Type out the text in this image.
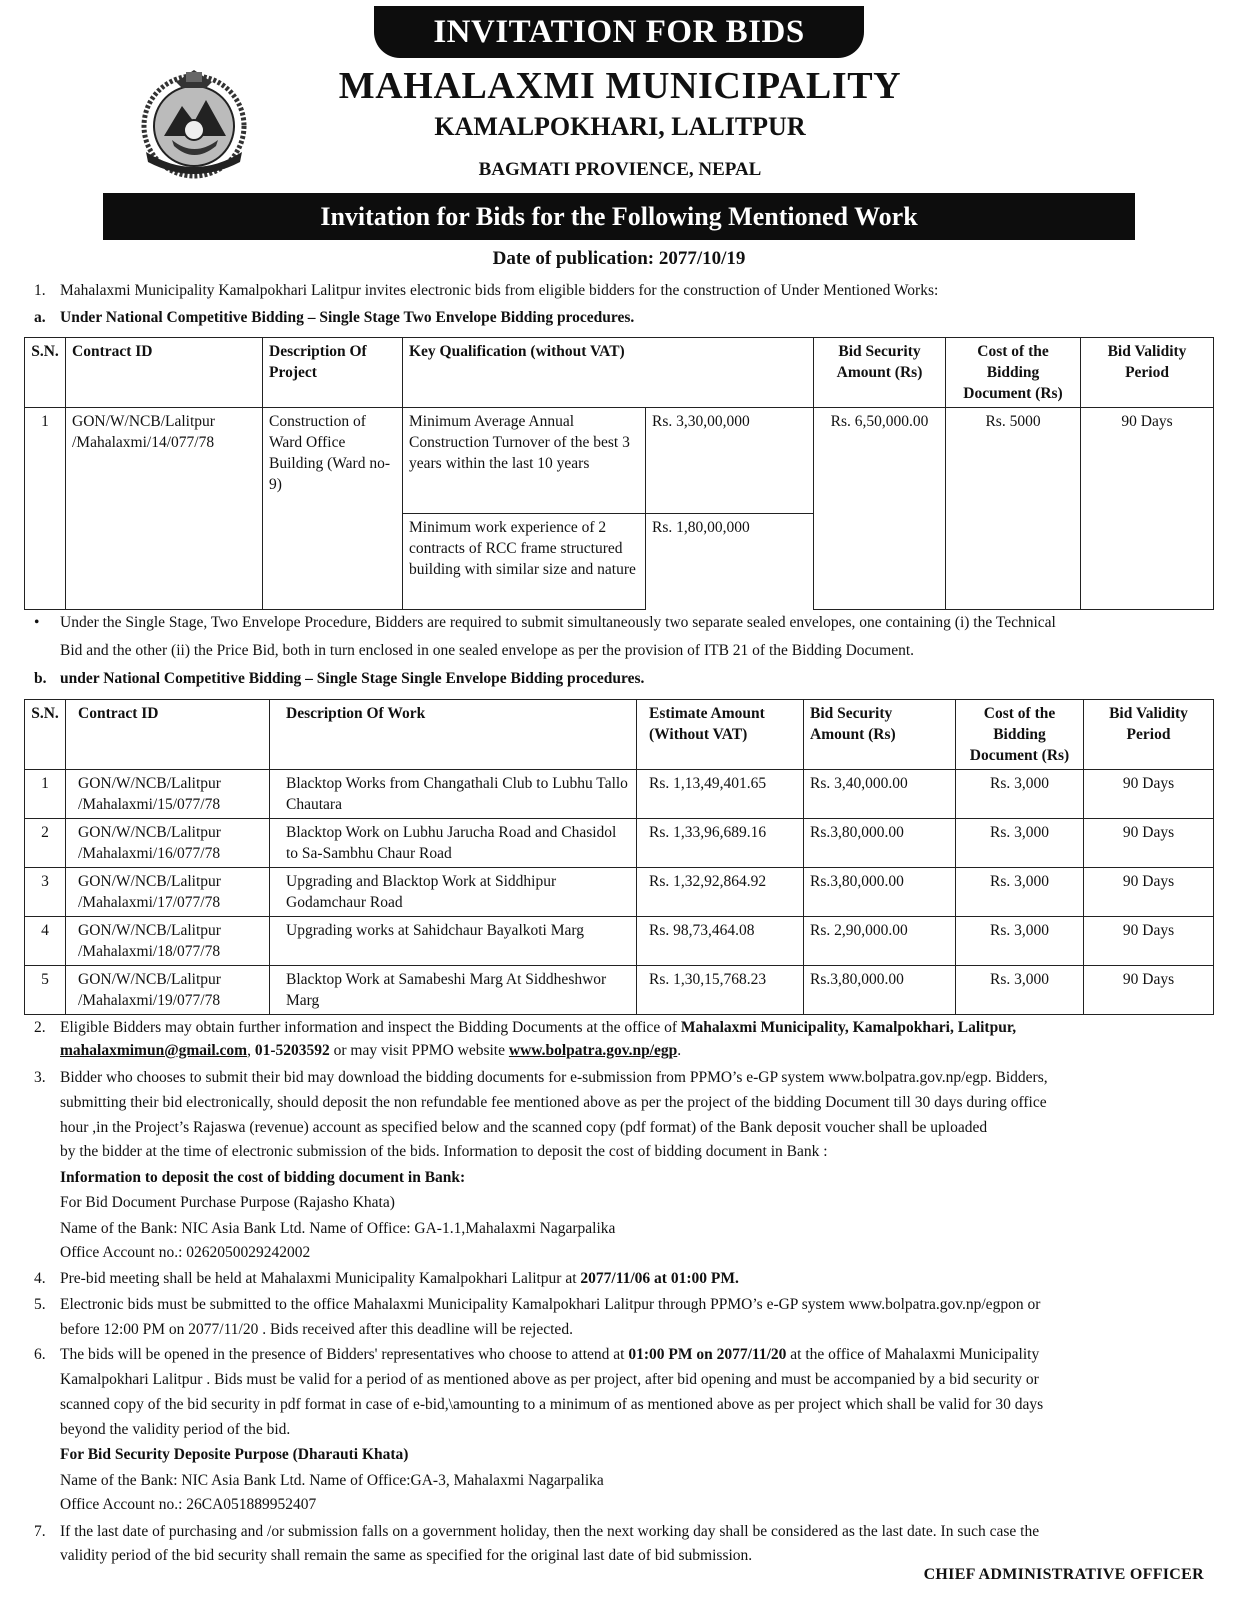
INVITATION FOR BIDS
MAHALAXMI MUNICIPALITY
KAMALPOKHARI, LALITPUR
BAGMATI PROVIENCE, NEPAL
Invitation for Bids for the Following Mentioned Work
Date of publication: 2077/10/19
1. Mahalaxmi Municipality Kamalpokhari Lalitpur invites electronic bids from eligible bidders for the construction of Under Mentioned Works:
a. Under National Competitive Bidding – Single Stage Two Envelope Bidding procedures.
S.N.	Contract ID	Description Of Project	Key Qualification (without VAT)		Bid Security Amount (Rs)	Cost of the Bidding Document (Rs)	Bid Validity Period
1	GON/W/NCB/Lalitpur /Mahalaxmi/14/077/78	Construction of Ward Office Building (Ward no-9)	Minimum Average Annual Construction Turnover of the best 3 years within the last 10 years	Rs. 3,30,00,000	Rs. 6,50,000.00	Rs. 5000	90 Days
			Minimum work experience of 2 contracts of RCC frame structured building with similar size and nature	Rs. 1,80,00,000			
•	Under the Single Stage, Two Envelope Procedure, Bidders are required to submit simultaneously two separate sealed envelopes, one containing (i) the Technical
Bid and the other (ii) the Price Bid, both in turn enclosed in one sealed envelope as per the provision of ITB 21 of the Bidding Document.
b. under National Competitive Bidding – Single Stage Single Envelope Bidding procedures.
S.N.	Contract ID	Description Of Work	Estimate Amount (Without VAT)	Bid Security Amount (Rs)	Cost of the Bidding Document (Rs)	Bid Validity Period
1	GON/W/NCB/Lalitpur /Mahalaxmi/15/077/78	Blacktop Works from Changathali Club to Lubhu Tallo Chautara	Rs. 1,13,49,401.65	Rs. 3,40,000.00	Rs. 3,000	90 Days
2	GON/W/NCB/Lalitpur /Mahalaxmi/16/077/78	Blacktop Work on Lubhu Jarucha Road and Chasidol to Sa-Sambhu Chaur Road	Rs. 1,33,96,689.16	Rs.3,80,000.00	Rs. 3,000	90 Days
3	GON/W/NCB/Lalitpur /Mahalaxmi/17/077/78	Upgrading and Blacktop Work at Siddhipur Godamchaur Road	Rs. 1,32,92,864.92	Rs.3,80,000.00	Rs. 3,000	90 Days
4	GON/W/NCB/Lalitpur /Mahalaxmi/18/077/78	Upgrading works at Sahidchaur Bayalkoti Marg	Rs. 98,73,464.08	Rs. 2,90,000.00	Rs. 3,000	90 Days
5	GON/W/NCB/Lalitpur /Mahalaxmi/19/077/78	Blacktop Work at Samabeshi Marg At Siddheshwor Marg	Rs. 1,30,15,768.23	Rs.3,80,000.00	Rs. 3,000	90 Days
2. Eligible Bidders may obtain further information and inspect the Bidding Documents at the office of Mahalaxmi Municipality, Kamalpokhari, Lalitpur,
mahalaxmimun@gmail.com, 01-5203592 or may visit PPMO website www.bolpatra.gov.np/egp.
3. Bidder who chooses to submit their bid may download the bidding documents for e-submission from PPMO’s e-GP system www.bolpatra.gov.np/egp. Bidders,
submitting their bid electronically, should deposit the non refundable fee mentioned above as per the project of the bidding Document till 30 days during office
hour ,in the Project’s Rajaswa (revenue) account as specified below and the scanned copy (pdf format) of the Bank deposit voucher shall be uploaded
by the bidder at the time of electronic submission of the bids. Information to deposit the cost of bidding document in Bank :
Information to deposit the cost of bidding document in Bank:
For Bid Document Purchase Purpose (Rajasho Khata)
Name of the Bank: NIC Asia Bank Ltd. Name of Office: GA-1.1,Mahalaxmi Nagarpalika
Office Account no.: 0262050029242002
4. Pre-bid meeting shall be held at Mahalaxmi Municipality Kamalpokhari Lalitpur at 2077/11/06 at 01:00 PM.
5. Electronic bids must be submitted to the office Mahalaxmi Municipality Kamalpokhari Lalitpur through PPMO’s e-GP system www.bolpatra.gov.np/egpon or
before 12:00 PM on 2077/11/20 . Bids received after this deadline will be rejected.
6. The bids will be opened in the presence of Bidders' representatives who choose to attend at 01:00 PM on 2077/11/20 at the office of Mahalaxmi Municipality
Kamalpokhari Lalitpur . Bids must be valid for a period of as mentioned above as per project, after bid opening and must be accompanied by a bid security or
scanned copy of the bid security in pdf format in case of e-bid,\amounting to a minimum of as mentioned above as per project which shall be valid for 30 days
beyond the validity period of the bid.
For Bid Security Deposite Purpose (Dharauti Khata)
Name of the Bank: NIC Asia Bank Ltd. Name of Office:GA-3, Mahalaxmi Nagarpalika
Office Account no.: 26CA051889952407
7. If the last date of purchasing and /or submission falls on a government holiday, then the next working day shall be considered as the last date. In such case the
validity period of the bid security shall remain the same as specified for the original last date of bid submission.
CHIEF ADMINISTRATIVE OFFICER
